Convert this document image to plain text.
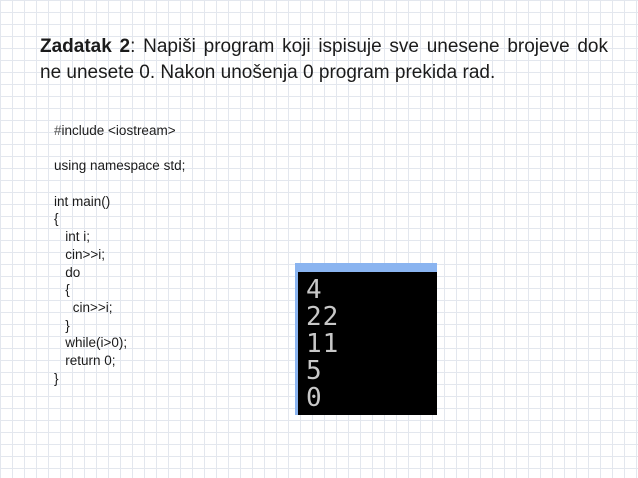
Zadatak 2: Napiši program koji ispisuje sve unesene brojeve dok ne unesete 0. Nakon unošenja 0 program prekida rad.

#include <iostream>
using namespace std;
int main()
{
int i;
cin>>i;
do
{
cin>>i;
}
while(i>0);
return 0;
}
4
22
11
5
0
